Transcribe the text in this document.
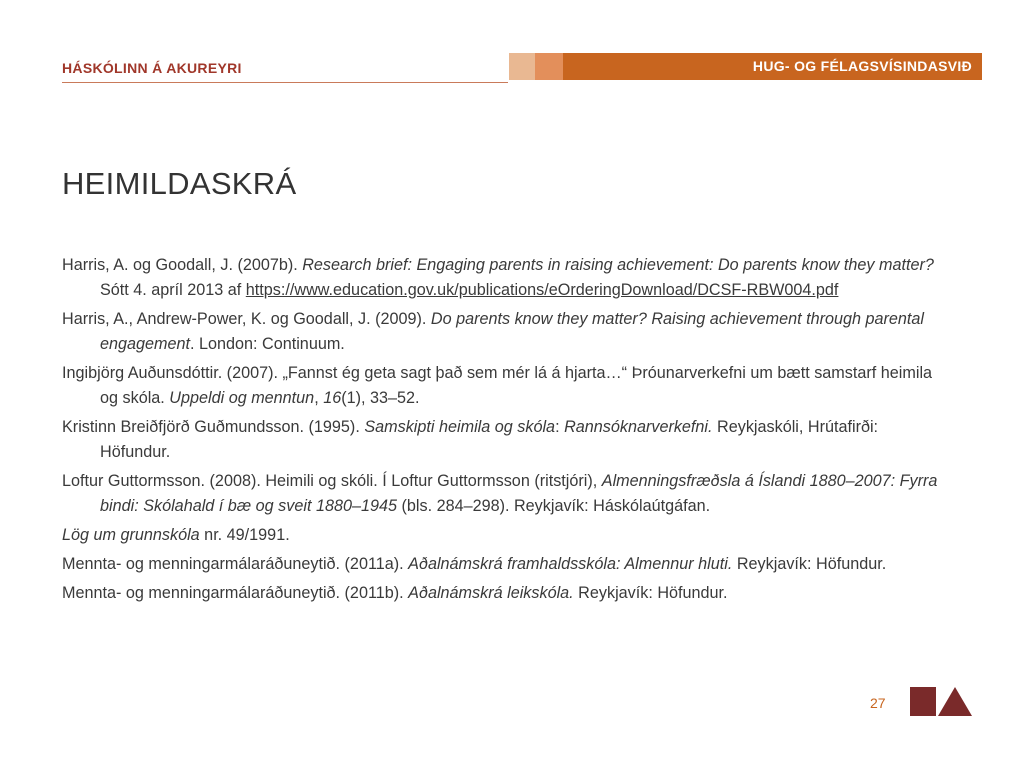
HÁSKÓLINN Á AKUREYRI	HUG- OG FÉLAGSVÍSINDASVIÐ
HEIMILDASKRÁ

Harris, A. og Goodall, J. (2007b). Research brief: Engaging parents in raising achievement: Do parents know they matter? Sótt 4. apríl 2013 af https://www.education.gov.uk/publications/eOrderingDownload/DCSF-RBW004.pdf

Harris, A., Andrew-Power, K. og Goodall, J. (2009). Do parents know they matter? Raising achievement through parental engagement. London: Continuum.

Ingibjörg Auðunsdóttir. (2007). „Fannst ég geta sagt það sem mér lá á hjarta…“ Þróunarverkefni um bætt samstarf heimila og skóla. Uppeldi og menntun, 16(1), 33–52.

Kristinn Breiðfjörð Guðmundsson. (1995). Samskipti heimila og skóla: Rannsóknarverkefni. Reykjaskóli, Hrútafirði: Höfundur.

Loftur Guttormsson. (2008). Heimili og skóli. Í Loftur Guttormsson (ritstjóri), Almenningsfræðsla á Íslandi 1880–2007: Fyrra bindi: Skólahald í bæ og sveit 1880–1945 (bls. 284–298). Reykjavík: Háskólaútgáfan.

Lög um grunnskóla nr. 49/1991.

Mennta- og menningarmálaráðuneytið. (2011a). Aðalnámskrá framhaldsskóla: Almennur hluti. Reykjavík: Höfundur.

Mennta- og menningarmálaráðuneytið. (2011b). Aðalnámskrá leikskóla. Reykjavík: Höfundur.

27
